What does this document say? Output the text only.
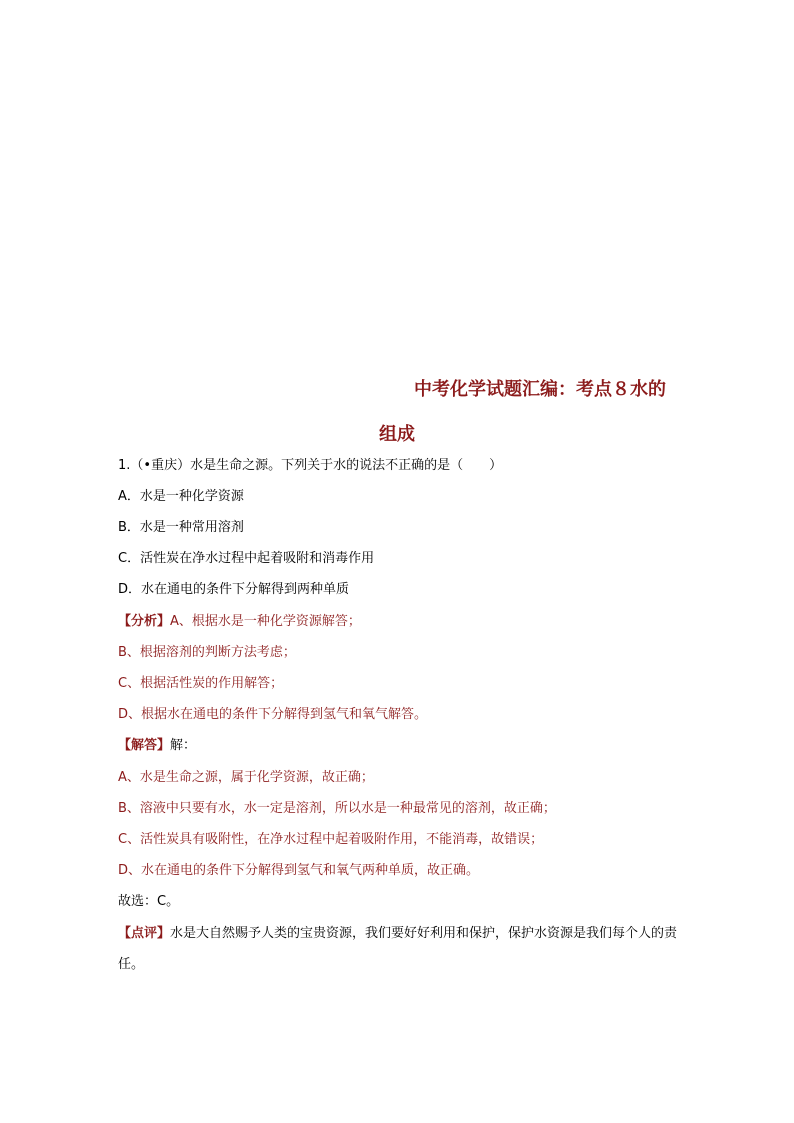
中考化学试题汇编：考点８水的
组成
1.（•重庆）水是生命之源。下列关于水的说法不正确的是（　　）
A．水是一种化学资源
B．水是一种常用溶剂
C．活性炭在净水过程中起着吸附和消毒作用
D．水在通电的条件下分解得到两种单质
【分析】A、根据水是一种化学资源解答；
B、根据溶剂的判断方法考虑；
C、根据活性炭的作用解答；
D、根据水在通电的条件下分解得到氢气和氧气解答。
【解答】解：
A、水是生命之源，属于化学资源，故正确；
B、溶液中只要有水，水一定是溶剂，所以水是一种最常见的溶剂，故正确；
C、活性炭具有吸附性，在净水过程中起着吸附作用，不能消毒，故错误；
D、水在通电的条件下分解得到氢气和氧气两种单质，故正确。
故选：C。
【点评】水是大自然赐予人类的宝贵资源，我们要好好利用和保护，保护水资源是我们每个人的责任。
